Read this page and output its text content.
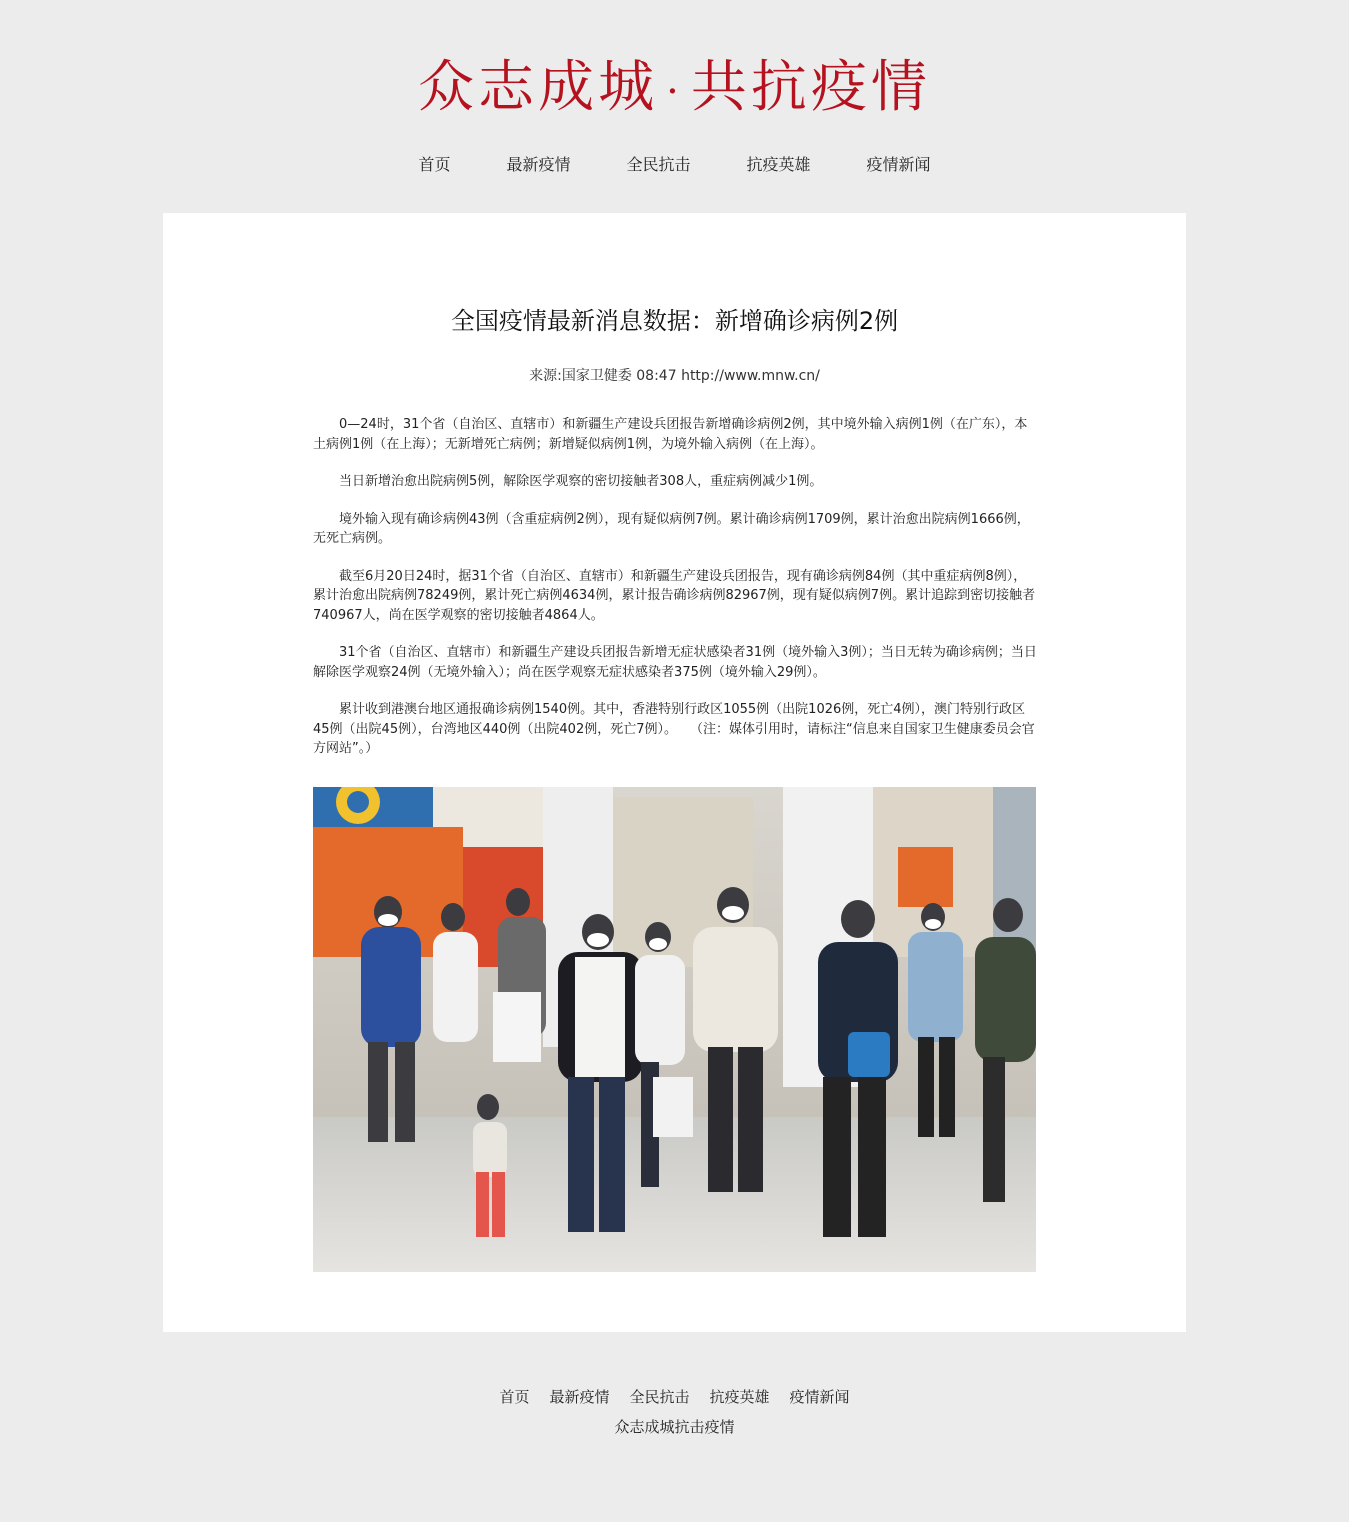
众志成城 · 共抗疫情
首页	最新疫情	全民抗击	抗疫英雄	疫情新闻
全国疫情最新消息数据：新增确诊病例2例
来源:国家卫健委 08:47 http://www.mnw.cn/

0—24时，31个省（自治区、直辖市）和新疆生产建设兵团报告新增确诊病例2例，其中境外输入病例1例（在广东），本土病例1例（在上海）；无新增死亡病例；新增疑似病例1例，为境外输入病例（在上海）。

当日新增治愈出院病例5例，解除医学观察的密切接触者308人，重症病例减少1例。

境外输入现有确诊病例43例（含重症病例2例），现有疑似病例7例。累计确诊病例1709例，累计治愈出院病例1666例，无死亡病例。

截至6月20日24时，据31个省（自治区、直辖市）和新疆生产建设兵团报告，现有确诊病例84例（其中重症病例8例），累计治愈出院病例78249例，累计死亡病例4634例，累计报告确诊病例82967例，现有疑似病例7例。累计追踪到密切接触者740967人，尚在医学观察的密切接触者4864人。

31个省（自治区、直辖市）和新疆生产建设兵团报告新增无症状感染者31例（境外输入3例）；当日无转为确诊病例；当日解除医学观察24例（无境外输入）；尚在医学观察无症状感染者375例（境外输入29例）。

累计收到港澳台地区通报确诊病例1540例。其中，香港特别行政区1055例（出院1026例，死亡4例），澳门特别行政区45例（出院45例），台湾地区440例（出院402例，死亡7例）。　　（注：媒体引用时，请标注“信息来自国家卫生健康委员会官方网站”。）

首页 最新疫情 全民抗击 抗疫英雄 疫情新闻
众志成城抗击疫情
